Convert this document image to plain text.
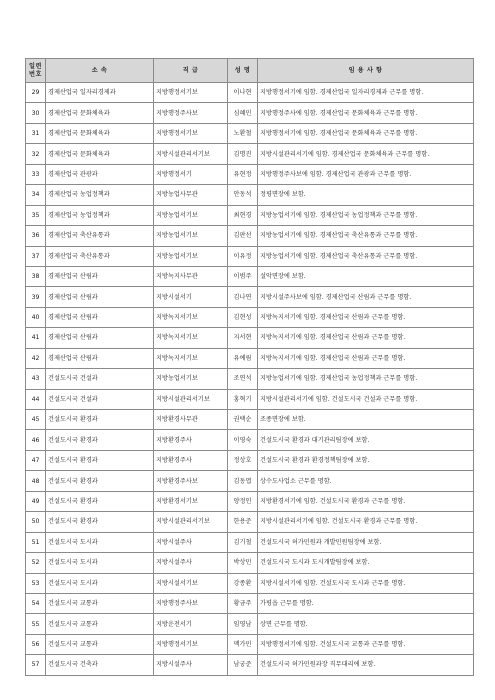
일련
번호	소 속	직 급	성 명	임 용 사 항
29	경제산업국 일자리경제과	지방행정서기보	이나현	지방행정서기에 임함. 경제산업국 일자리경제과 근무를 명함.
30	경제산업국 문화체육과	지방행정주사보	심혜민	지방행정주사에 임함. 경제산업국 문화체육과 근무를 명함.
31	경제산업국 문화체육과	지방행정서기보	노환철	지방행정서기에 임함. 경제산업국 문화체육과 근무를 명함.
32	경제산업국 문화체육과	지방시설관리서기보	김명진	지방시설관리서기에 임함. 경제산업국 문화체육과 근무를 명함.
33	경제산업국 관광과	지방행정서기	유현정	지방행정주사보에 임함. 경제산업국 관광과 근무를 명함.
34	경제산업국 농업정책과	지방농업사무관	안동석	정평면장에 보함.
35	경제산업국 농업정책과	지방농업서기보	최현경	지방농업서기에 임함. 경제산업국 농업정책과 근무를 명함.
36	경제산업국 축산유통과	지방농업서기보	김판선	지방농업서기에 임함. 경제산업국 축산유통과 근무를 명함.
37	경제산업국 축산유통과	지방농업서기보	이유정	지방농업서기에 임함. 경제산업국 축산유통과 근무를 명함.
38	경제산업국 산림과	지방녹지사무관	이범주	설악면장에 보함.
39	경제산업국 산림과	지방시설서기	김나연	지방시설주사보에 임함. 경제산업국 산림과 근무를 명함.
40	경제산업국 산림과	지방녹지서기보	김현성	지방녹지서기에 임함. 경제산업국 산림과 근무를 명함.
41	경제산업국 산림과	지방녹지서기보	지서현	지방녹지서기에 임함. 경제산업국 산림과 근무를 명함.
42	경제산업국 산림과	지방녹지서기보	유예림	지방녹지서기에 임함. 경제산업국 산림과 근무를 명함.
43	건설도시국 건설과	지방농업서기보	조연석	지방농업서기에 임함. 경제산업국 농업정책과 근무를 명함.
44	건설도시국 건설과	지방시설관리서기보	홍혁기	지방시설관리서기에 임함. 건설도시국 건설과 근무를 명함.
45	건설도시국 환경과	지방환경사무관	권택순	조종면장에 보함.
46	건설도시국 환경과	지방환경주사	이영숙	건설도시국 환경과 대기관리팀장에 보함.
47	건설도시국 환경과	지방환경주사	정상호	건설도시국 환경과 환경정책팀장에 보함.
48	건설도시국 환경과	지방환경주사보	김동엽	상수도사업소 근무를 명함.
49	건설도시국 환경과	지방환경서기보	양정인	지방환경서기에 임함. 건설도시국 환경과 근무를 명함.
50	건설도시국 환경과	지방시설관리서기보	한용준	지방시설관리서기에 임함. 건설도시국 환경과 근무를 명함.
51	건설도시국 도시과	지방시설주사	김기철	건설도시국 허가민원과 개발민원팀장에 보함.
52	건설도시국 도시과	지방시설주사	박상민	건설도시국 도시과 도시개발팀장에 보함.
53	건설도시국 도시과	지방시설서기보	강종환	지방시설서기에 임함. 건설도시국 도시과 근무를 명함.
54	건설도시국 교통과	지방행정주사보	황금주	가평읍 근무를 명함.
55	건설도시국 교통과	지방운전서기	임영남	상면 근무를 명함.
56	건설도시국 교통과	지방행정서기보	맥가민	지방행정서기에 임함. 건설도시국 교통과 근무를 명함.
57	건설도시국 건축과	지방시설주사	남궁준	건설도시국 허가민원과장 직무대리에 보함.
